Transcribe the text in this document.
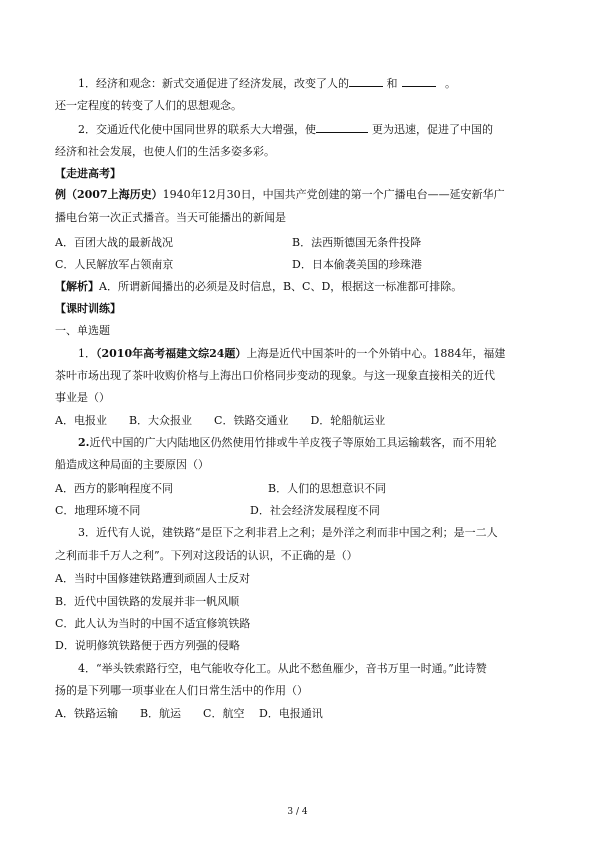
1．经济和观念：新式交通促进了经济发展，改变了人的	和	。
还一定程度的转变了人们的思想观念。
2．交通近代化使中国同世界的联系大大增强，使	更为迅速，促进了中国的
经济和社会发展，也使人们的生活多姿多彩。
【走进高考】
例（2007上海历史）1940年12月30日，中国共产党创建的第一个广播电台——延安新华广
播电台第一次正式播音。当天可能播出的新闻是
A．百团大战的最新战况	B．法西斯德国无条件投降
C．人民解放军占领南京	D．日本偷袭美国的珍珠港
【解析】A．所谓新闻播出的必须是及时信息，B、C、D，根据这一标准都可排除。
【课时训练】
一、单选题
1．（2010年高考福建文综24题）上海是近代中国茶叶的一个外销中心。1884年，福建
茶叶市场出现了茶叶收购价格与上海出口价格同步变动的现象。与这一现象直接相关的近代
事业是（）
A．电报业　　B．大众报业　　C．铁路交通业　　D．轮船航运业
2.近代中国的广大内陆地区仍然使用竹排或牛羊皮筏子等原始工具运输载客，而不用轮
船造成这种局面的主要原因（）
A．西方的影响程度不同	B．人们的思想意识不同
C．地理环境不同	D．社会经济发展程度不同
3．近代有人说，建铁路“是臣下之利非君上之利；是外洋之利而非中国之利；是一二人
之利而非千万人之利”。下列对这段话的认识，不正确的是（）
A．当时中国修建铁路遭到顽固人士反对
B．近代中国铁路的发展并非一帆风顺
C．此人认为当时的中国不适宜修筑铁路
D．说明修筑铁路便于西方列强的侵略
4．“举头铁索路行空，电气能收夺化工。从此不愁鱼雁少，音书万里一时通。”此诗赞
扬的是下列哪一项事业在人们日常生活中的作用（）
A．铁路运输　　B．航运　　C．航空　 D．电报通讯
3 / 4
